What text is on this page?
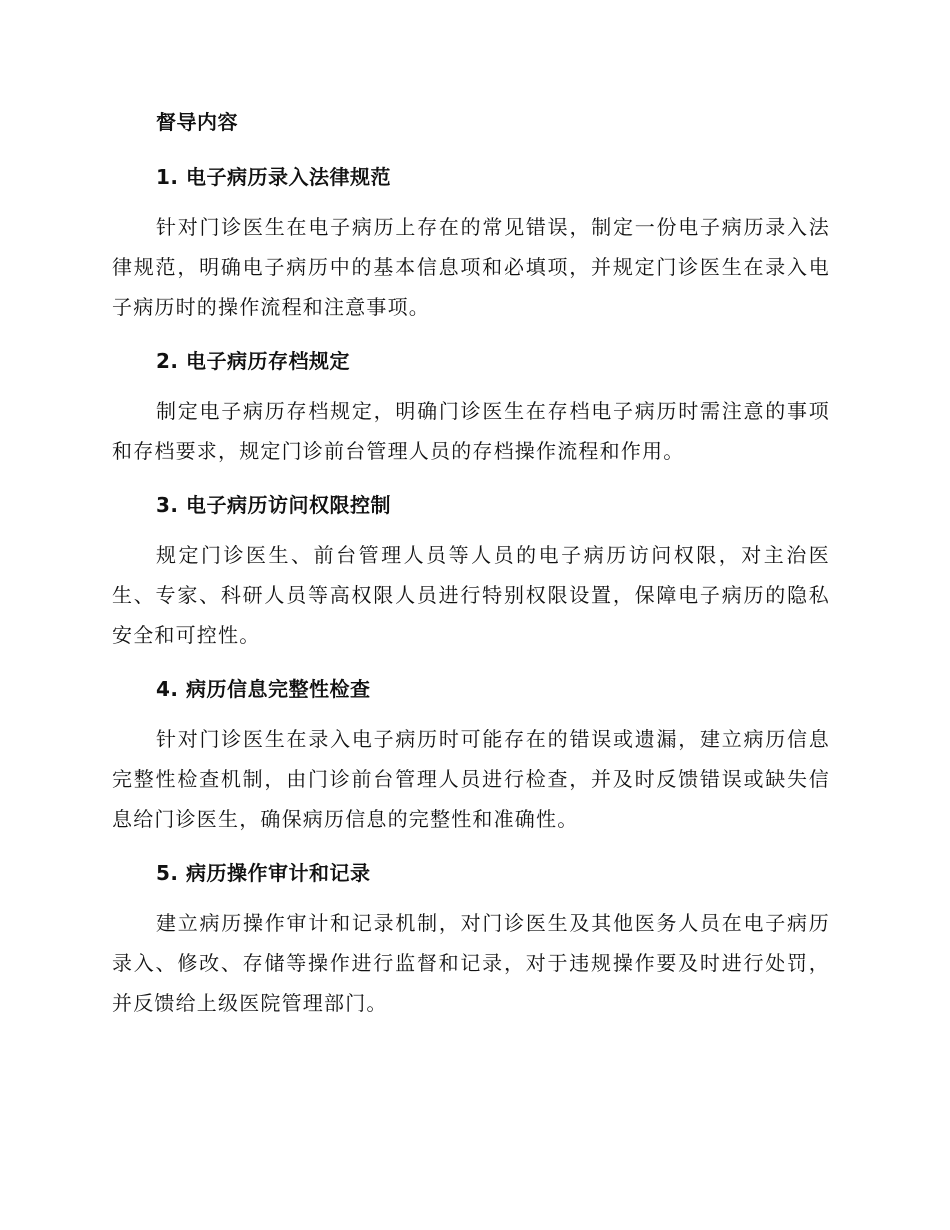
督导内容

1. 电子病历录入法律规范

针对门诊医生在电子病历上存在的常见错误，制定一份电子病历录入法律规范，明确电子病历中的基本信息项和必填项，并规定门诊医生在录入电子病历时的操作流程和注意事项。

2. 电子病历存档规定

制定电子病历存档规定，明确门诊医生在存档电子病历时需注意的事项和存档要求，规定门诊前台管理人员的存档操作流程和作用。

3. 电子病历访问权限控制

规定门诊医生、前台管理人员等人员的电子病历访问权限，对主治医生、专家、科研人员等高权限人员进行特别权限设置，保障电子病历的隐私安全和可控性。

4. 病历信息完整性检查

针对门诊医生在录入电子病历时可能存在的错误或遗漏，建立病历信息完整性检查机制，由门诊前台管理人员进行检查，并及时反馈错误或缺失信息给门诊医生，确保病历信息的完整性和准确性。

5. 病历操作审计和记录

建立病历操作审计和记录机制，对门诊医生及其他医务人员在电子病历录入、修改、存储等操作进行监督和记录，对于违规操作要及时进行处罚，并反馈给上级医院管理部门。
